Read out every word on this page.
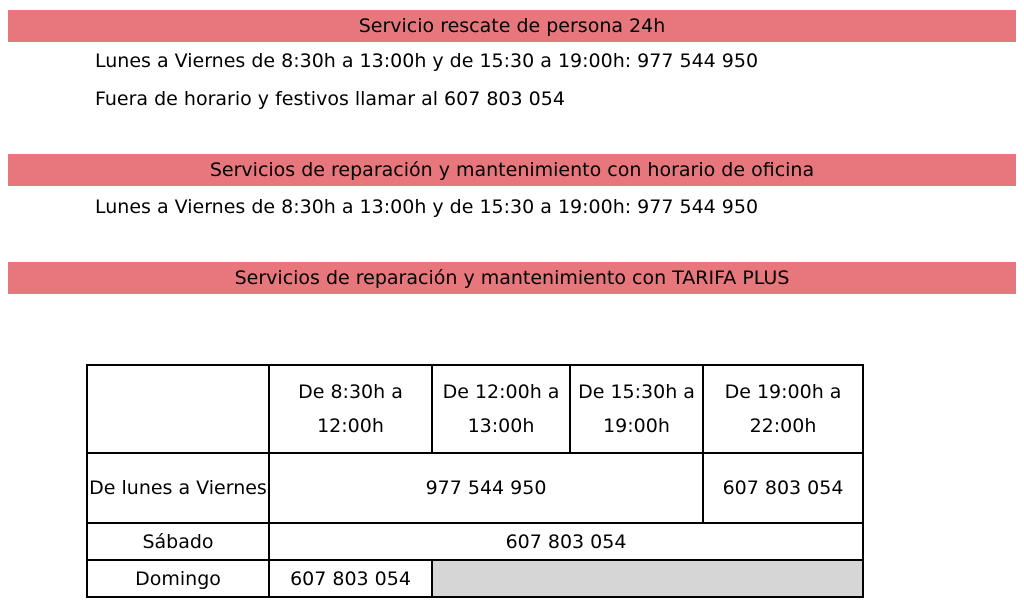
Servicio rescate de persona 24h
Lunes a Viernes de 8:30h a 13:00h y de 15:30 a 19:00h: 977 544 950
Fuera de horario y festivos llamar al 607 803 054
Servicios de reparación y mantenimiento con horario de oficina
Lunes a Viernes de 8:30h a 13:00h y de 15:30 a 19:00h: 977 544 950
Servicios de reparación y mantenimiento con TARIFA PLUS
	De 8:30h a 12:00h	De 12:00h a 13:00h	De 15:30h a 19:00h	De 19:00h a 22:00h
De lunes a Viernes	977 544 950			607 803 054
Sábado	607 803 054			
Domingo	607 803 054			
